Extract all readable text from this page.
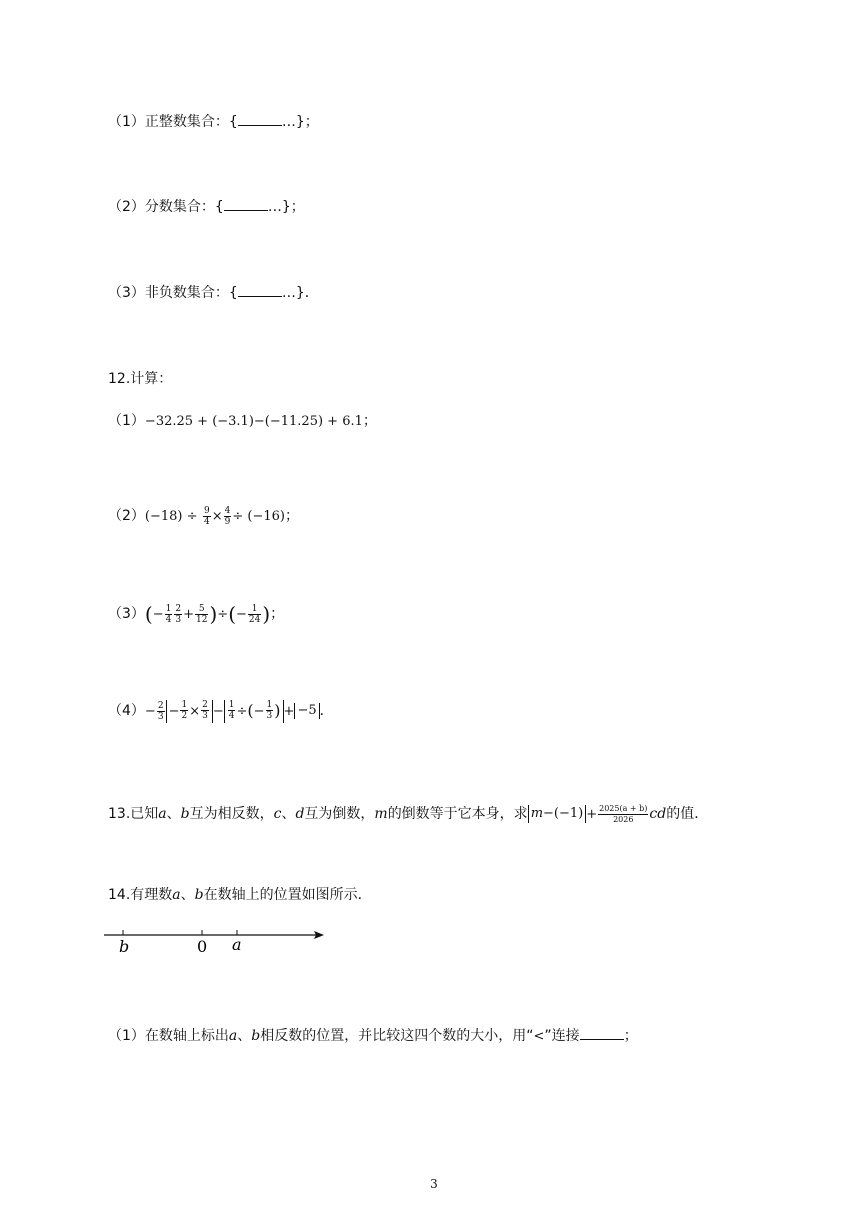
（1）正整数集合：{	…}；
（2）分数集合：{	…}；
（3）非负数集合：{	…}．
12.计算：
（1）−32.25 + (−3.1)−(−11.25) + 6.1；
$(2)(-18) \div \frac{9}{4} \times \frac{4}{9} \div (-16)$；
$(3)(- \frac{1}{4} \frac{2}{3} + \frac{5}{12}$ )÷(− $\frac{1}{24}$ )；
$(4)- \frac{2}{3} - \frac{1}{2} \times \frac{2}{3} - \frac{1}{4}$ ÷(− $\frac{1}{3}$ ) + −5 ．
13.已知a、b互为相反数，c、d互为倒数，m的倒数等于它本身，求 $m-(-1) + \frac{2025(a + b)}{2026}$ cd的值．
14.有理数a、b在数轴上的位置如图所示．
b	0 a
（1）在数轴上标出a、b相反数的位置，并比较这四个数的大小，用“<”连接	；
3
